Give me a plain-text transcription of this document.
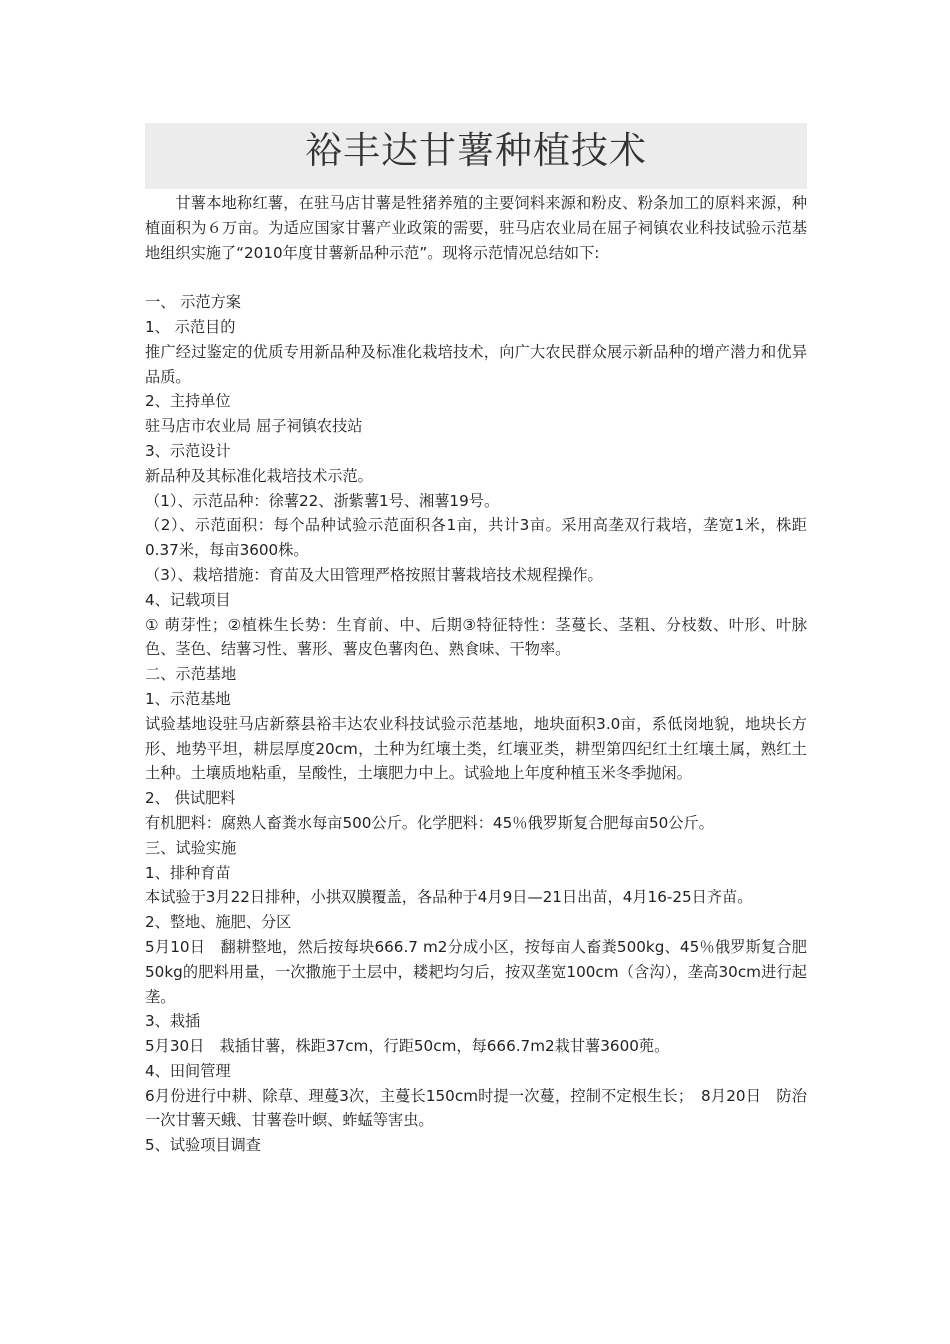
裕丰达甘薯种植技术

甘薯本地称红薯，在驻马店甘薯是牲猪养殖的主要饲料来源和粉皮、粉条加工的原料来源，种植面积为６万亩。为适应国家甘薯产业政策的需要，驻马店农业局在屈子祠镇农业科技试验示范基地组织实施了“2010年度甘薯新品种示范”。现将示范情况总结如下:

一、 示范方案

1、 示范目的

推广经过鉴定的优质专用新品种及标准化栽培技术，向广大农民群众展示新品种的增产潜力和优异品质。

2、主持单位

驻马店市农业局 屈子祠镇农技站

3、示范设计

新品种及其标准化栽培技术示范。

（1）、示范品种：徐薯22、浙紫薯1号、湘薯19号。

（2）、示范面积：每个品种试验示范面积各1亩，共计3亩。采用高垄双行栽培，垄宽1米，株距0.37米，每亩3600株。

（3）、栽培措施：育苗及大田管理严格按照甘薯栽培技术规程操作。

4、记载项目

① 萌芽性；②植株生长势：生育前、中、后期③特征特性：茎蔓长、茎粗、分枝数、叶形、叶脉色、茎色、结薯习性、薯形、薯皮色薯肉色、熟食味、干物率。

二、示范基地

1、示范基地

试验基地设驻马店新蔡县裕丰达农业科技试验示范基地，地块面积3.0亩，系低岗地貌，地块长方形、地势平坦，耕层厚度20cm，土种为红壤土类，红壤亚类，耕型第四纪红土红壤土属，熟红土土种。土壤质地粘重，呈酸性，土壤肥力中上。试验地上年度种植玉米冬季抛闲。

2、 供试肥料

有机肥料：腐熟人畜粪水每亩500公斤。化学肥料：45％俄罗斯复合肥每亩50公斤。

三、试验实施

1、排种育苗

本试验于3月22日排种，小拱双膜覆盖，各品种于4月9日—21日出苗，4月16-25日齐苗。

2、整地、施肥、分区

5月10日　翻耕整地，然后按每块666.7 m2分成小区，按每亩人畜粪500kg、45％俄罗斯复合肥50kg的肥料用量，一次撒施于土层中，耧耙均匀后，按双垄宽100cm（含沟），垄高30cm进行起垄。

3、栽插

5月30日　栽插甘薯，株距37cm，行距50cm，每666.7m2栽甘薯3600蔸。

4、田间管理

6月份进行中耕、除草、理蔓3次，主蔓长150cm时提一次蔓，控制不定根生长；　8月20日　防治一次甘薯天蛾、甘薯卷叶螟、蚱蜢等害虫。

5、试验项目调查
